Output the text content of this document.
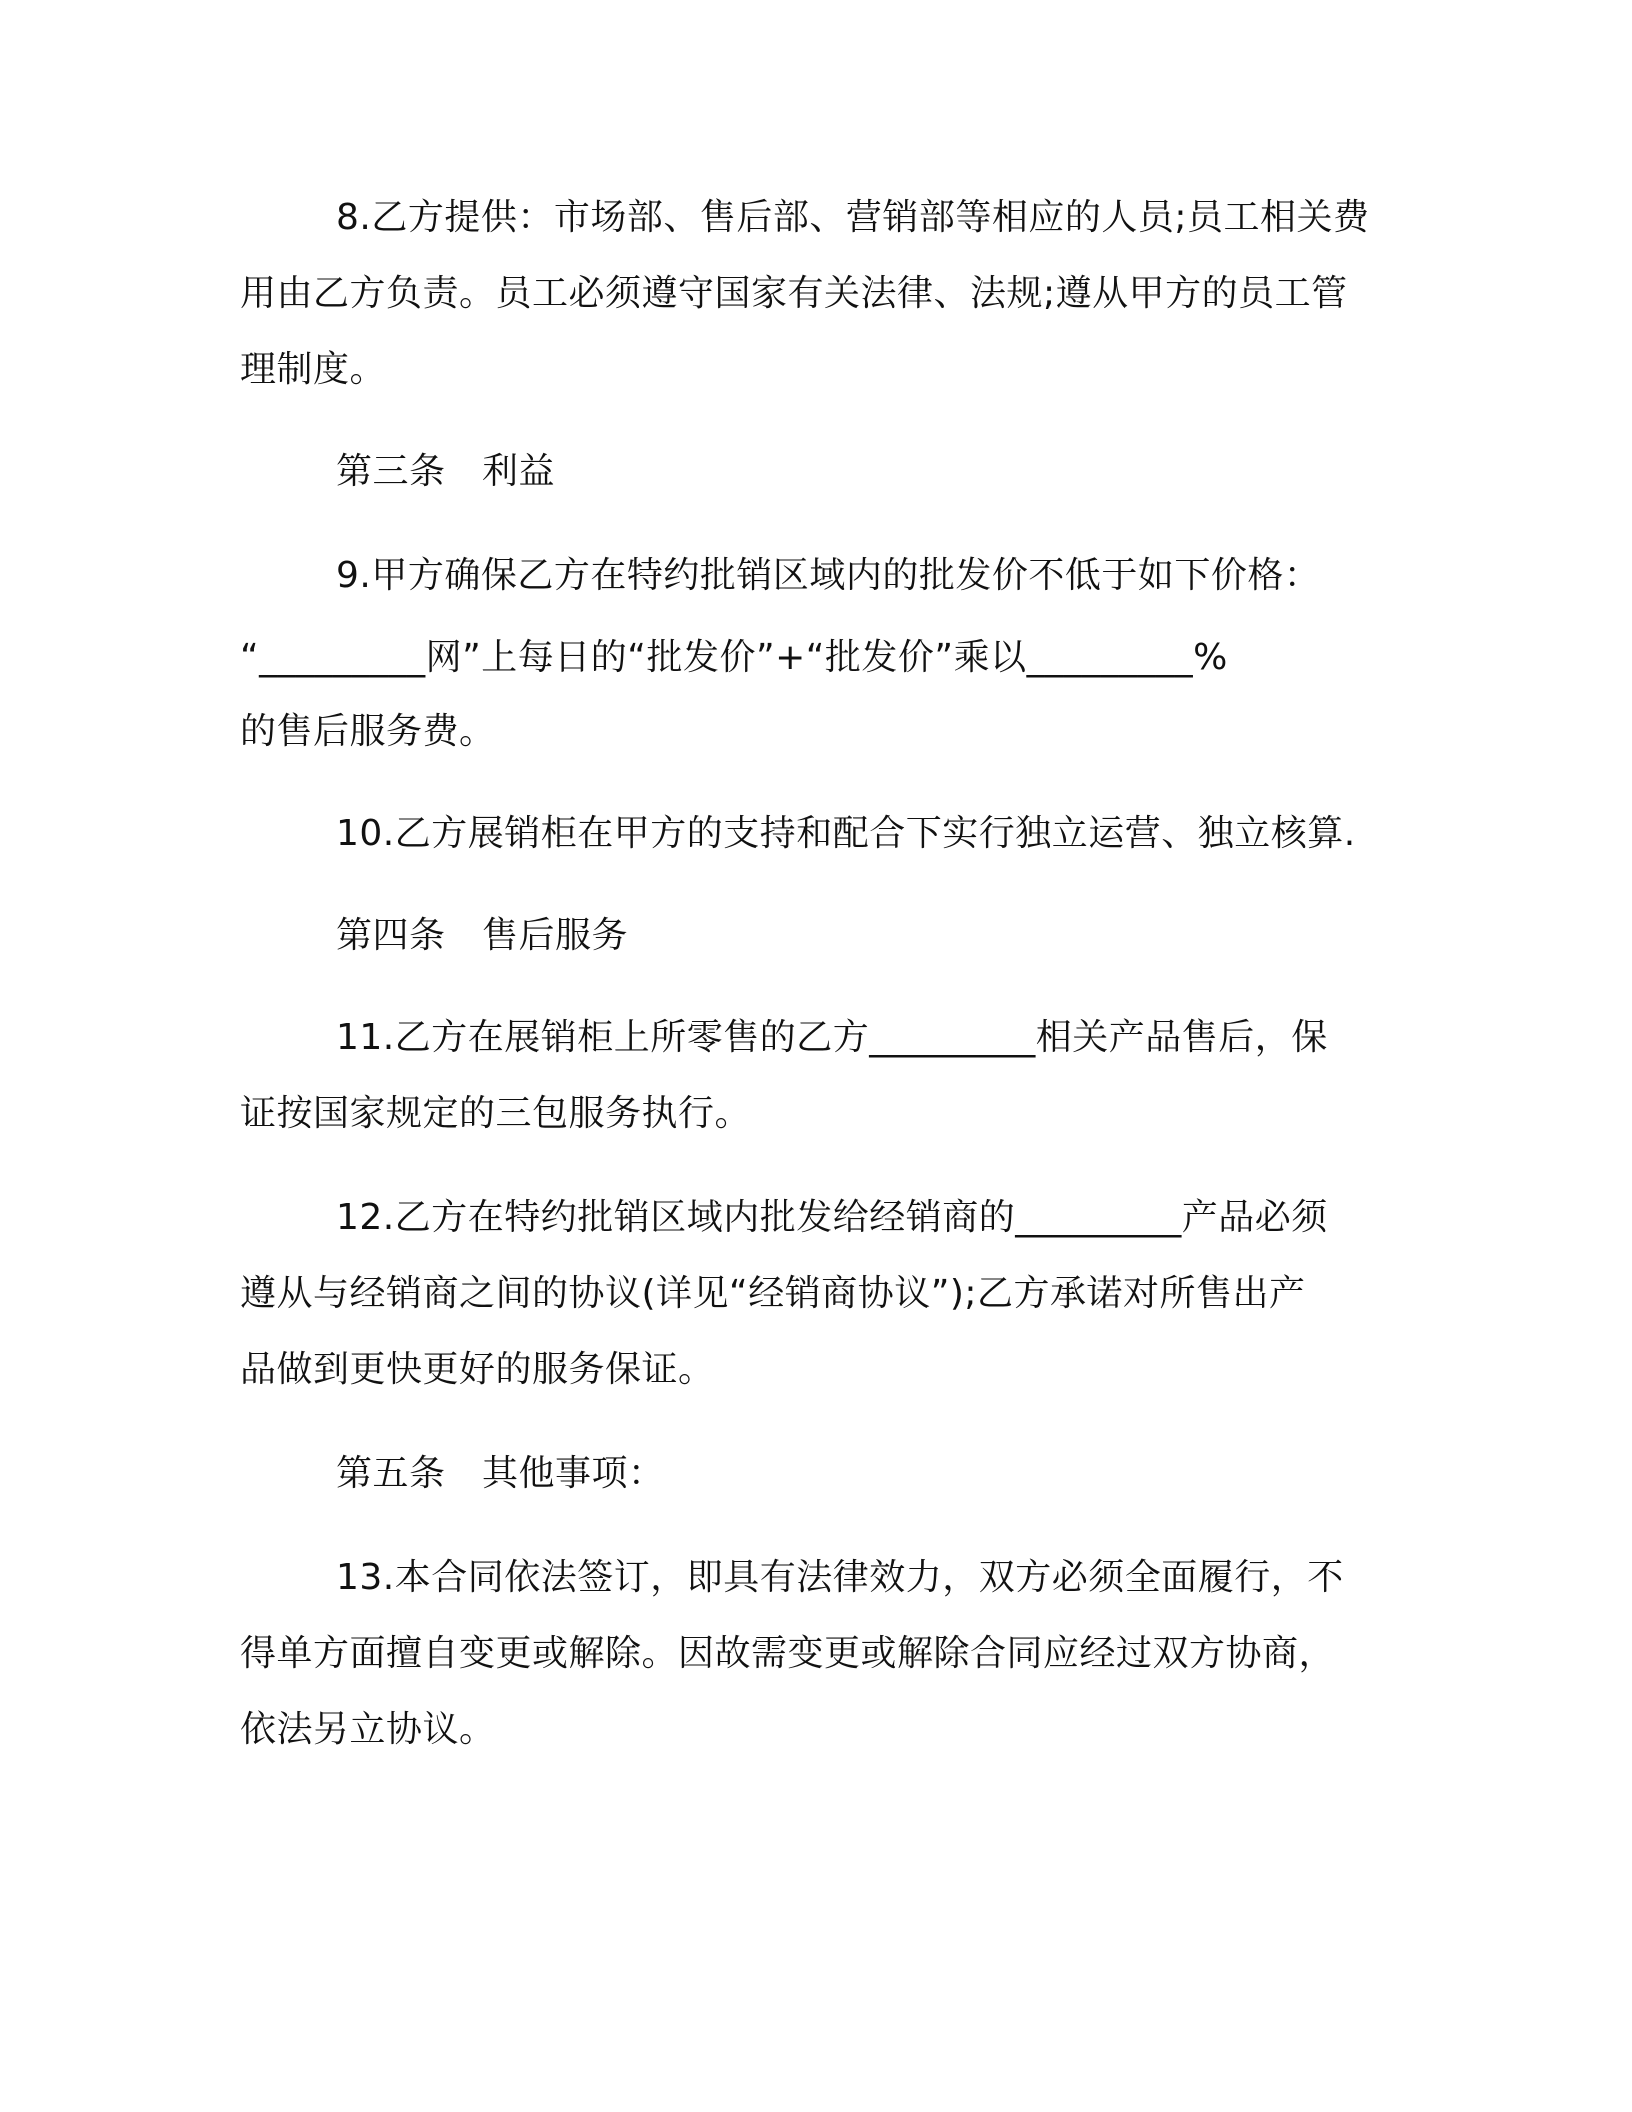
8.乙方提供：市场部、售后部、营销部等相应的人员;员工相关费
用由乙方负责。员工必须遵守国家有关法律、法规;遵从甲方的员工管
理制度。
第三条　利益
9.甲方确保乙方在特约批销区域内的批发价不低于如下价格：
“_________网”上每日的“批发价”+“批发价”乘以_________%
的售后服务费。
10.乙方展销柜在甲方的支持和配合下实行独立运营、独立核算.
第四条　售后服务
11.乙方在展销柜上所零售的乙方_________相关产品售后，保
证按国家规定的三包服务执行。
12.乙方在特约批销区域内批发给经销商的_________产品必须
遵从与经销商之间的协议(详见“经销商协议”);乙方承诺对所售出产
品做到更快更好的服务保证。
第五条　其他事项：
13.本合同依法签订，即具有法律效力，双方必须全面履行，不
得单方面擅自变更或解除。因故需变更或解除合同应经过双方协商，
依法另立协议。
